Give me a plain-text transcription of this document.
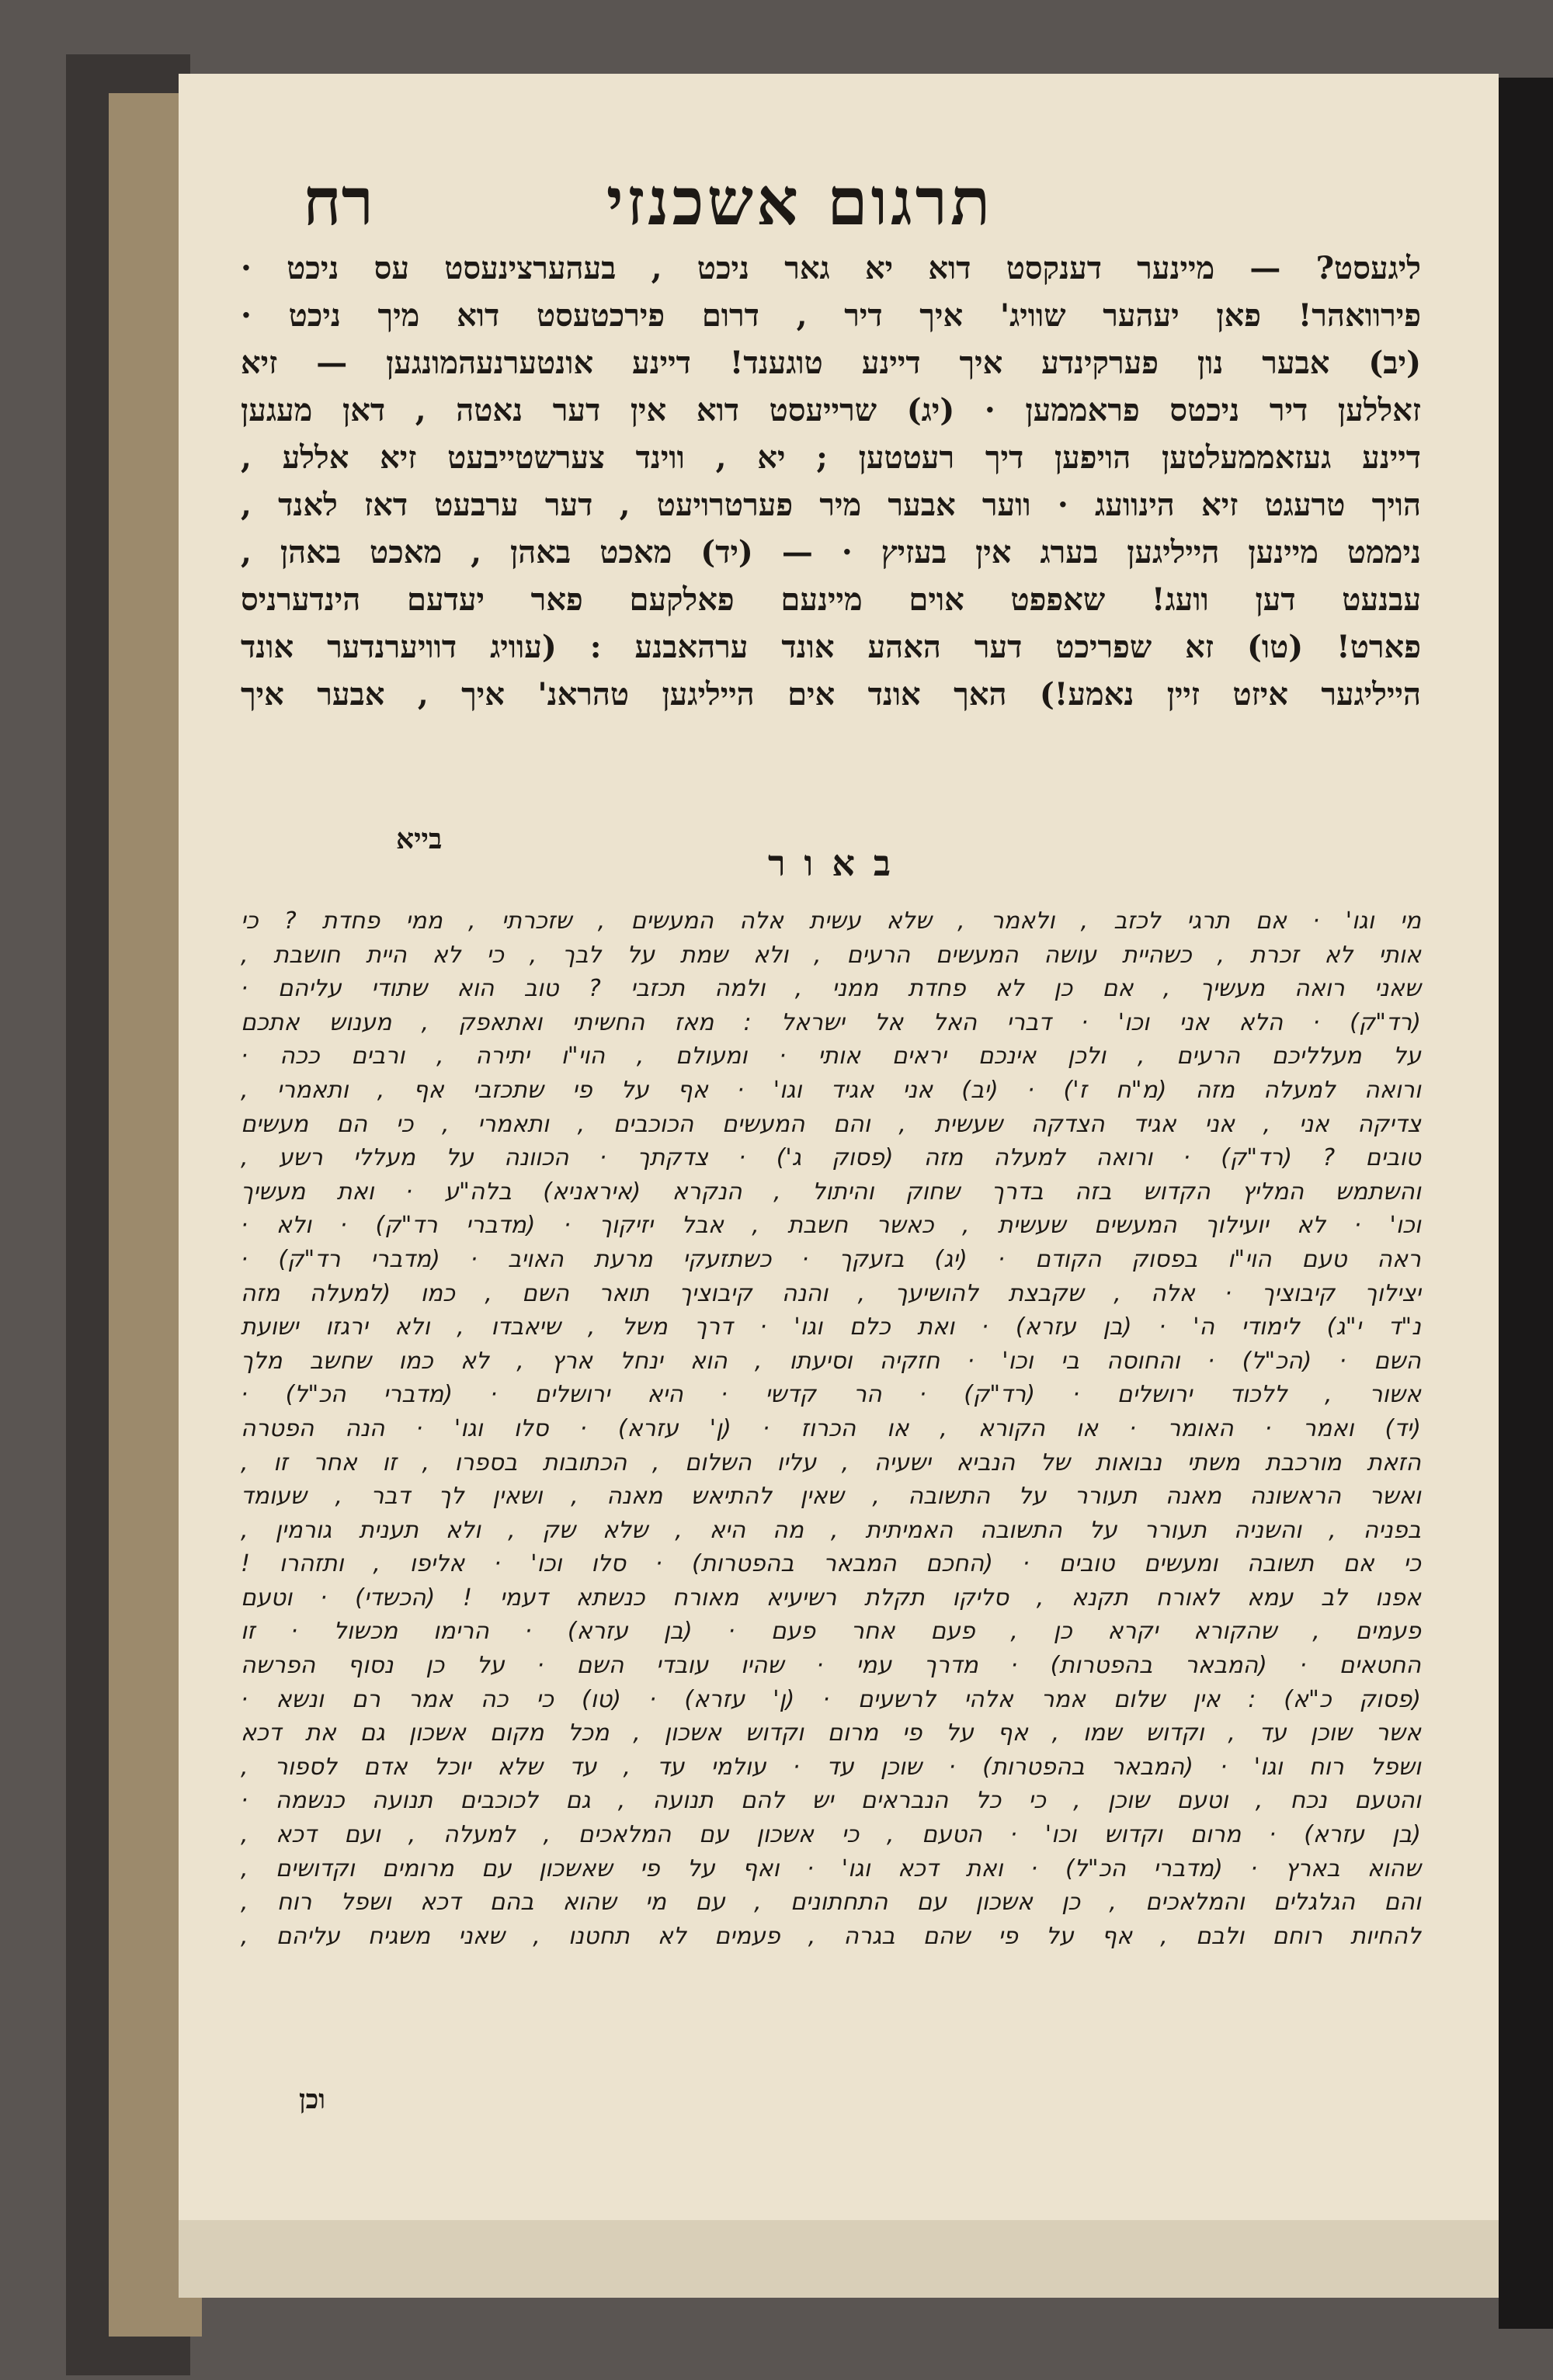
תרגום אשכנזי
רח
ליגעסט? — מיינער דענקסט דוא יא גאר ניכט , בעהערצינעסט עס ניכט ·
פירוואהר! פאן יעהער שוויג' איך דיר , דרום פירכטעסט דוא מיך ניכט ·
(יב) אבער נון פערקינדע איך דיינע טוגענד! דיינע אונטערנעהמונגען — זיא
זאללען דיר ניכטס פראממען · (יג) שרייעסט דוא אין דער נאטה , דאן מעגען
דיינע גע‍זאממעלטען הויפען דיך רעטטען ; יא , ווינד צערשטייבעט זיא אללע ,
הויך טרעגט זיא הינוועג · ווער אבער מיר פערטרויעט , דער ערבעט דאז לאנד ,
ניממט מיינען הייליגען בערג אין בעזיץ · — (יד) מאכט באהן , מאכט באהן ,
עבנעט דען וועג! שאפפט אוים מיינעם פאלקעם פאר יעדעם הינדערניס
פארט! (טו) זא שפריכט דער האהע אונד ערהאבנע : (עוויג דוויערנדער אונד
הייליגער איזט זיין נאמע!) האך אונד אים הייליגען טהראנ' איך , אבער איך
בייא
באור
מי וגו' · אם תרגי לכזב , ולאמר , שלא עשית אלה המעשים , שזכרתי , ממי פחדת ? כי
אותי לא זכרת , כשהיית עושה המעשים הרעים , ולא שמת על לבך , כי לא היית חושבת ,
שאני רואה מעשיך , אם כן לא פחדת ממני , ולמה תכזבי ? טוב הוא שתודי עליהם ·
(רד"ק) · הלא אני וכו' · דברי האל אל ישראל : מאז החשיתי ואתאפק , מענוש אתכם
על מעלליכם הרעים , ולכן אינכם יראים אותי · ומעולם , הוי"ו יתירה , ורבים ככה ·
ורואה למעלה מזה (מ"ח ז') · (יב) אני אגיד וגו' · אף על פי שתכזבי אף , ותאמרי ,
צדיקה אני , אני אגיד הצדקה שעשית , והם המעשים הכוכבים , ותאמרי , כי הם מעשים
טובים ? (רד"ק) · ורואה למעלה מזה (פסוק ג') · צדקתך · הכוונה על מעללי רשע ,
והשתמש המליץ הקדוש בזה בדרך שחוק והיתול , הנקרא (איראניא) בלה"ע · ואת מעשיך
וכו' · לא יועילוך המעשים שעשית , כאשר חשבת , אבל יזיקוך · (מדברי רד"ק) · ולא ·
ראה טעם הוי"ו בפסוק הקודם · (יג) בזעקך · כשתזעקי מרעת האויב · (מדברי רד"ק) ·
יצילוך קיבוציך · אלה , שקבצת להושיעך , והנה קיבוציך תואר השם , כמו (למעלה מזה
נ"ד י"ג) לימודי ה' · (בן עזרא) · ואת כלם וגו' · דרך משל , שיאבדו , ולא ירגזו ישועת
השם · (הכ"ל) · והחוסה בי וכו' · חזקיה וסיעתו , הוא ינחל ארץ , לא כמו שחשב מלך
אשור , ללכוד ירושלים · (רד"ק) · הר קדשי · היא ירושלים · (מדברי הכ"ל) ·
(יד) ואמר · האומר · או הקורא , או הכרוז · (ן' עזרא) · סלו וגו' · הנה הפטרה
הזאת מורכבת משתי נבואות של הנביא ישעיה , עליו השלום , הכתובות בספרו , זו אחר זו ,
ואשר הראשונה מאנה תעורר על התשובה , שאין להתיאש מאנה , ושאין לך דבר , שעומד
בפניה , והשניה תעורר על התשובה האמיתית , מה היא , שלא שק , ולא תענית גורמין ,
כי אם תשובה ומעשים טובים · (החכם המבאר בהפטרות) · סלו וכו' · אליפו , ותזהרו !
אפנו לב עמא לאורח תקנא , סליקו תקלת רשיעיא מאורח כנשתא דעמי ! (הכשדי) · וטעם
פעמים , שהקורא יקרא כן , פעם אחר פעם · (בן עזרא) · הרימו מכשול · זו
החטאים · (המבאר בהפטרות) · מדרך עמי · שהיו עובדי השם · על כן נסוף הפרשה
(פסוק כ"א) : אין שלום אמר אלהי לרשעים · (ן' עזרא) · (טו) כי כה אמר רם ונשא ·
אשר שוכן עד , וקדוש שמו , אף על פי מרום וקדוש אשכון , מכל מקום אשכון גם את דכא
ושפל רוח וגו' · (המבאר בהפטרות) · שוכן עד · עולמי עד , עד שלא יוכל אדם לספור ,
והטעם נכח , וטעם שוכן , כי כל הנבראים יש להם תנועה , גם לכוכבים תנועה כנשמה ·
(בן עזרא) · מרום וקדוש וכו' · הטעם , כי אשכון עם המלאכים , למעלה , ועם דכא ,
שהוא בארץ · (מדברי הכ"ל) · ואת דכא וגו' · ואף על פי שאשכון עם מרומים וקדושים ,
והם הגלגלים והמלאכים , כן אשכון עם התחתונים , עם מי שהוא בהם דכא ושפל רוח ,
להחיות רוחם ולבם , אף על פי שהם בגרה , פעמים לא תחטנו , שאני משגיח עליהם ,
וכן
